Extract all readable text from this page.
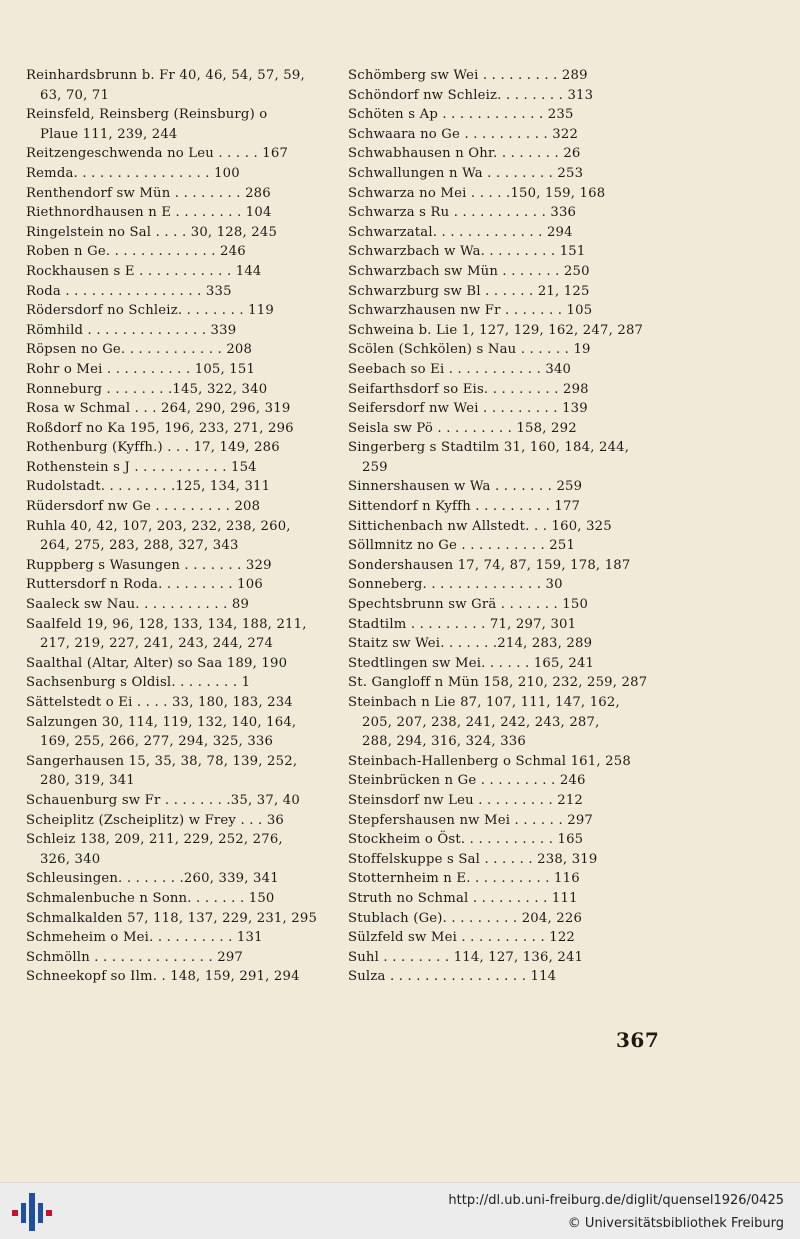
Reinhardsbrunn b. Fr 40, 46, 54, 57, 59,
63, 70, 71
Reinsfeld, Reinsberg (Reinsburg) o
Plaue 111, 239, 244
Reitzengeschwenda no Leu . . . . . 167
Remda. . . . . . . . . . . . . . . . 100
Renthendorf sw Mün . . . . . . . . 286
Riethnordhausen n E . . . . . . . . 104
Ringelstein no Sal . . . . 30, 128, 245
Roben n Ge. . . . . . . . . . . . . 246
Rockhausen s E . . . . . . . . . . . 144
Roda . . . . . . . . . . . . . . . . 335
Rödersdorf no Schleiz. . . . . . . . 119
Römhild . . . . . . . . . . . . . . 339
Röpsen no Ge. . . . . . . . . . . . 208
Rohr o Mei . . . . . . . . . . 105, 151
Ronneburg . . . . . . . .145, 322, 340
Rosa w Schmal . . . 264, 290, 296, 319
Roßdorf no Ka 195, 196, 233, 271, 296
Rothenburg (Kyffh.) . . . 17, 149, 286
Rothenstein s J . . . . . . . . . . . 154
Rudolstadt. . . . . . . . .125, 134, 311
Rüdersdorf nw Ge . . . . . . . . . 208
Ruhla 40, 42, 107, 203, 232, 238, 260,
264, 275, 283, 288, 327, 343
Ruppberg s Wasungen . . . . . . . 329
Ruttersdorf n Roda. . . . . . . . . 106
Saaleck sw Nau. . . . . . . . . . . 89
Saalfeld 19, 96, 128, 133, 134, 188, 211,
217, 219, 227, 241, 243, 244, 274
Saalthal (Altar, Alter) so Saa 189, 190
Sachsenburg s Oldisl. . . . . . . . 1
Sättelstedt o Ei . . . . 33, 180, 183, 234
Salzungen 30, 114, 119, 132, 140, 164,
169, 255, 266, 277, 294, 325, 336
Sangerhausen 15, 35, 38, 78, 139, 252,
280, 319, 341
Schauenburg sw Fr . . . . . . . .35, 37, 40
Scheiplitz (Zscheiplitz) w Frey . . . 36
Schleiz 138, 209, 211, 229, 252, 276,
326, 340
Schleusingen. . . . . . . .260, 339, 341
Schmalenbuche n Sonn. . . . . . . 150
Schmalkalden 57, 118, 137, 229, 231, 295
Schmeheim o Mei. . . . . . . . . . 131
Schmölln . . . . . . . . . . . . . . 297
Schneekopf so Ilm. . 148, 159, 291, 294
Schömberg sw Wei . . . . . . . . . 289
Schöndorf nw Schleiz. . . . . . . . 313
Schöten s Ap . . . . . . . . . . . . 235
Schwaara no Ge . . . . . . . . . . 322
Schwabhausen n Ohr. . . . . . . . 26
Schwallungen n Wa . . . . . . . . 253
Schwarza no Mei . . . . .150, 159, 168
Schwarza s Ru . . . . . . . . . . . 336
Schwarzatal. . . . . . . . . . . . . 294
Schwarzbach w Wa. . . . . . . . . 151
Schwarzbach sw Mün . . . . . . . 250
Schwarzburg sw Bl . . . . . . 21, 125
Schwarzhausen nw Fr . . . . . . . 105
Schweina b. Lie 1, 127, 129, 162, 247, 287
Scölen (Schkölen) s Nau . . . . . . 19
Seebach so Ei . . . . . . . . . . . 340
Seifarthsdorf so Eis. . . . . . . . . 298
Seifersdorf nw Wei . . . . . . . . . 139
Seisla sw Pö . . . . . . . . . 158, 292
Singerberg s Stadtilm 31, 160, 184, 244,
259
Sinnershausen w Wa . . . . . . . 259
Sittendorf n Kyffh . . . . . . . . . 177
Sittichenbach nw Allstedt. . . 160, 325
Söllmnitz no Ge . . . . . . . . . . 251
Sondershausen 17, 74, 87, 159, 178, 187
Sonneberg. . . . . . . . . . . . . . 30
Spechtsbrunn sw Grä . . . . . . . 150
Stadtilm . . . . . . . . . 71, 297, 301
Staitz sw Wei. . . . . . .214, 283, 289
Stedtlingen sw Mei. . . . . . 165, 241
St. Gangloff n Mün 158, 210, 232, 259, 287
Steinbach n Lie 87, 107, 111, 147, 162,
205, 207, 238, 241, 242, 243, 287,
288, 294, 316, 324, 336
Steinbach-Hallenberg o Schmal 161, 258
Steinbrücken n Ge . . . . . . . . . 246
Steinsdorf nw Leu . . . . . . . . . 212
Stepfershausen nw Mei . . . . . . 297
Stockheim o Öst. . . . . . . . . . . 165
Stoffelskuppe s Sal . . . . . . 238, 319
Stotternheim n E. . . . . . . . . . 116
Struth no Schmal . . . . . . . . . 111
Stublach (Ge). . . . . . . . . 204, 226
Sülzfeld sw Mei . . . . . . . . . . 122
Suhl . . . . . . . . 114, 127, 136, 241
Sulza . . . . . . . . . . . . . . . . 114
367
http://dl.ub.uni-freiburg.de/diglit/quensel1926/0425
© Universitätsbibliothek Freiburg
